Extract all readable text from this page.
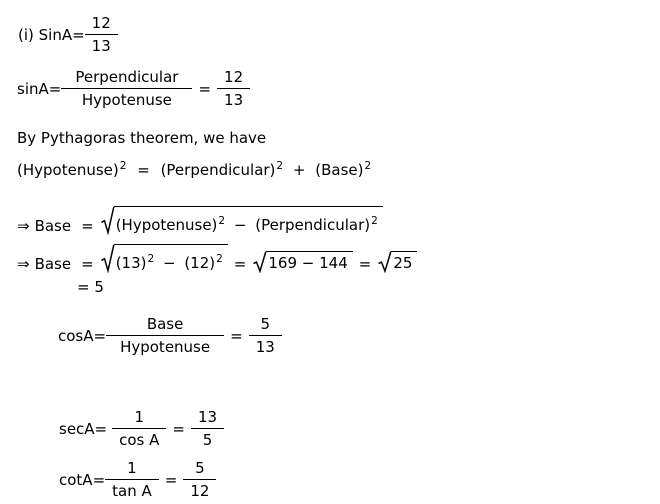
(i) SinA= $\frac{12}{13}$
$\sin A= \frac{\text{Perpendicular}}{\text{Hypotenuse}} = \frac{12}{13}$
By Pythagoras theorem, we have
(Hypotenuse)$^2$ = (Perpendicular)$^2$ + (Base)$^2$
⇒ Base = (Hypotenuse)$^2$ − (Perpendicular)$^2$
⇒ Base = $(13)^2 - (12)^2 = 169 - 144 = 25$
= 5
$\cos A= \frac{\text{Base}}{\text{Hypotenuse}} = \frac{5}{13}$
$\sec A= \frac{1}{\text{cos A}} = \frac{13}{5}$
$\cot A= \frac{1}{\text{tan A}} = \frac{5}{12}$
